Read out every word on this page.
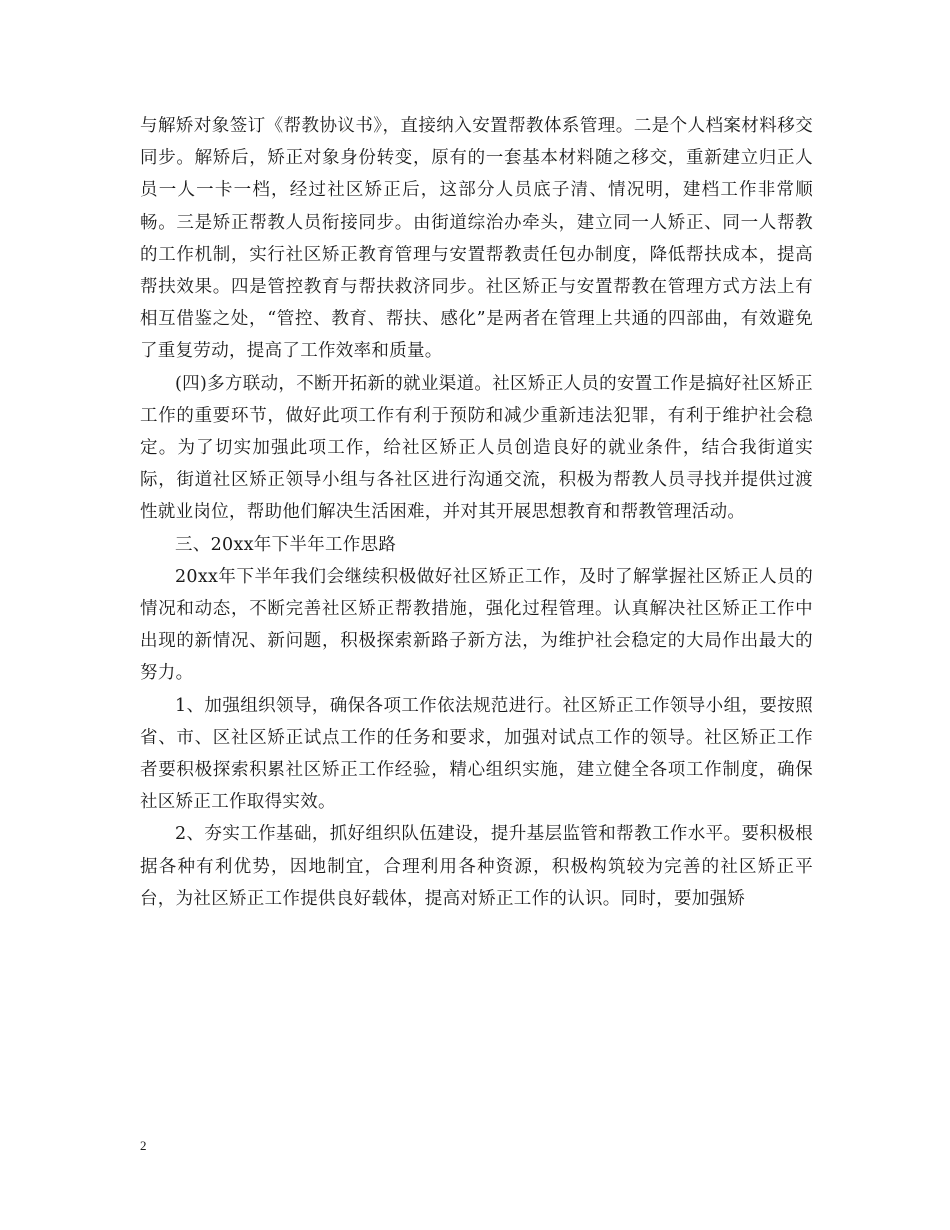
与解矫对象签订《帮教协议书》，直接纳入安置帮教体系管理。二是个人档案材料移交同步。解矫后，矫正对象身份转变，原有的一套基本材料随之移交，重新建立归正人员一人一卡一档，经过社区矫正后，这部分人员底子清、情况明，建档工作非常顺畅。三是矫正帮教人员衔接同步。由街道综治办牵头，建立同一人矫正、同一人帮教的工作机制，实行社区矫正教育管理与安置帮教责任包办制度，降低帮扶成本，提高帮扶效果。四是管控教育与帮扶救济同步。社区矫正与安置帮教在管理方式方法上有相互借鉴之处，“管控、教育、帮扶、感化”是两者在管理上共通的四部曲，有效避免了重复劳动，提高了工作效率和质量。

(四)多方联动，不断开拓新的就业渠道。社区矫正人员的安置工作是搞好社区矫正工作的重要环节，做好此项工作有利于预防和减少重新违法犯罪，有利于维护社会稳定。为了切实加强此项工作，给社区矫正人员创造良好的就业条件，结合我街道实际，街道社区矫正领导小组与各社区进行沟通交流，积极为帮教人员寻找并提供过渡性就业岗位，帮助他们解决生活困难，并对其开展思想教育和帮教管理活动。

三、20xx年下半年工作思路

20xx年下半年我们会继续积极做好社区矫正工作，及时了解掌握社区矫正人员的情况和动态，不断完善社区矫正帮教措施，强化过程管理。认真解决社区矫正工作中出现的新情况、新问题，积极探索新路子新方法，为维护社会稳定的大局作出最大的努力。

1、加强组织领导，确保各项工作依法规范进行。社区矫正工作领导小组，要按照省、市、区社区矫正试点工作的任务和要求，加强对试点工作的领导。社区矫正工作者要积极探索积累社区矫正工作经验，精心组织实施，建立健全各项工作制度，确保社区矫正工作取得实效。

2、夯实工作基础，抓好组织队伍建设，提升基层监管和帮教工作水平。要积极根据各种有利优势，因地制宜，合理利用各种资源，积极构筑较为完善的社区矫正平台，为社区矫正工作提供良好载体，提高对矫正工作的认识。同时，要加强矫

2
